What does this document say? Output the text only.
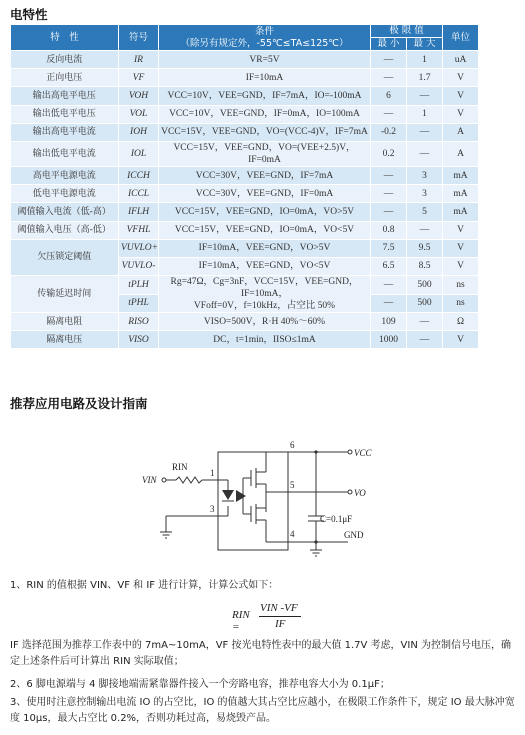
电特性
特　性	符号	条件
（除另有规定外，-55℃≤TA≤125℃）	极 限 值		单位
			最 小	最 大	
反向电流	IR	VR=5V	—	1	uA
正向电压	VF	IF=10mA	—	1.7	V
输出高电平电压	VOH	VCC=10V，VEE=GND，IF=7mA，IO=-100mA	6	—	V
输出低电平电压	VOL	VCC=10V，VEE=GND，IF=0mA，IO=100mA	—	1	V
输出高电平电流	IOH	VCC=15V，VEE=GND，VO=(VCC-4)V，IF=7mA	-0.2	—	A
输出低电平电流	IOL	VCC=15V，VEE=GND，VO=(VEE+2.5)V，IF=0mA	0.2	—	A
高电平电源电流	ICCH	VCC=30V，VEE=GND，IF=7mA	—	3	mA
低电平电源电流	ICCL	VCC=30V，VEE=GND，IF=0mA	—	3	mA
阈值输入电流（低-高）	IFLH	VCC=15V，VEE=GND，IO=0mA，VO>5V	—	5	mA
阈值输入电压（高-低）	VFHL	VCC=15V，VEE=GND，IO=0mA，VO<5V	0.8	—	V
欠压锁定阈值	VUVLO+	IF=10mA，VEE=GND，VO>5V	7.5	9.5	V
	VUVLO-	IF=10mA，VEE=GND，VO<5V	6.5	8.5	V
传输延迟时间	tPLH	Rg=47Ω，Cg=3nF，VCC=15V，VEE=GND，IF=10mA，
VFoff=0V，f=10kHz，占空比 50%	—	500	ns
	tPHL		—	500	ns
隔离电阻	RISO	VISO=500V，R·H 40%～60%	109	—	Ω
隔离电压	VISO	DC，t=1min，IISO≤1mA	1000	—	V
推荐应用电路及设计指南
RIN
VIN
VCC
VO
GND
C=0.1μF
1
3
4
5
6
1、RIN 的值根据 VIN、VF 和 IF 进行计算，计算公式如下：
RIN =
VIN -VF
IF
IF 选择范围为推荐工作表中的 7mA~10mA，VF 按光电特性表中的最大值 1.7V 考虑，VIN 为控制信号电压，确定上述条件后可计算出 RIN 实际取值；
2、6 脚电源端与 4 脚接地端需紧靠器件接入一个旁路电容，推荐电容大小为 0.1μF；
3、使用时注意控制输出电流 IO 的占空比，IO 的值越大其占空比应越小，在极限工作条件下，规定 IO 最大脉冲宽度 10μs，最大占空比 0.2%，否则功耗过高，易烧毁产品。
